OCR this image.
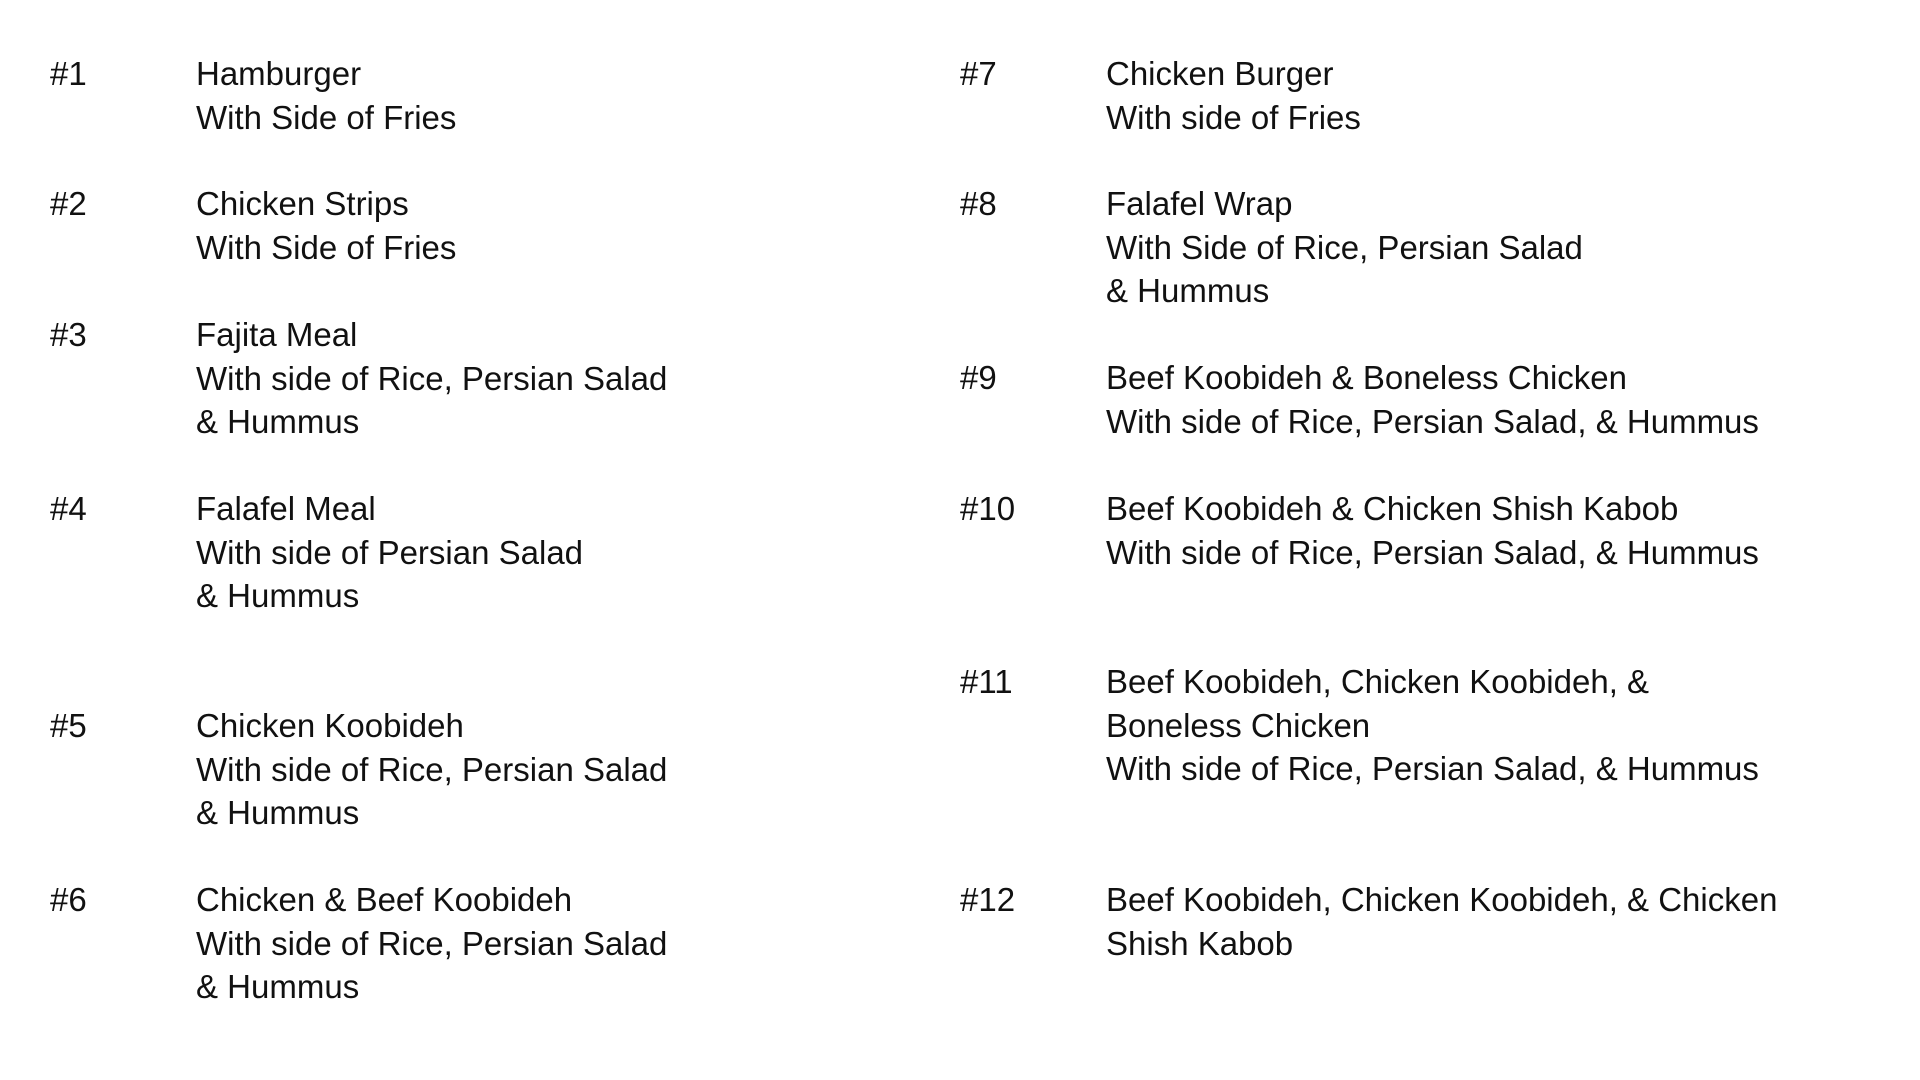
#1	Hamburger
With Side of Fries
#2	Chicken Strips
With Side of Fries
#3	Fajita Meal
With side of Rice, Persian Salad
& Hummus
#4	Falafel Meal
With side of Persian Salad
& Hummus
#5	Chicken Koobideh
With side of Rice, Persian Salad
& Hummus
#6	Chicken & Beef Koobideh
With side of Rice, Persian Salad
& Hummus
#7	Chicken Burger
With side of Fries
#8	Falafel Wrap
With Side of Rice, Persian Salad
& Hummus
#9	Beef Koobideh & Boneless Chicken
With side of Rice, Persian Salad, & Hummus
#10	Beef Koobideh & Chicken Shish Kabob
With side of Rice, Persian Salad, & Hummus
#11	Beef Koobideh, Chicken Koobideh, &
Boneless Chicken
With side of Rice, Persian Salad, & Hummus
#12	Beef Koobideh, Chicken Koobideh, & Chicken
Shish Kabob
